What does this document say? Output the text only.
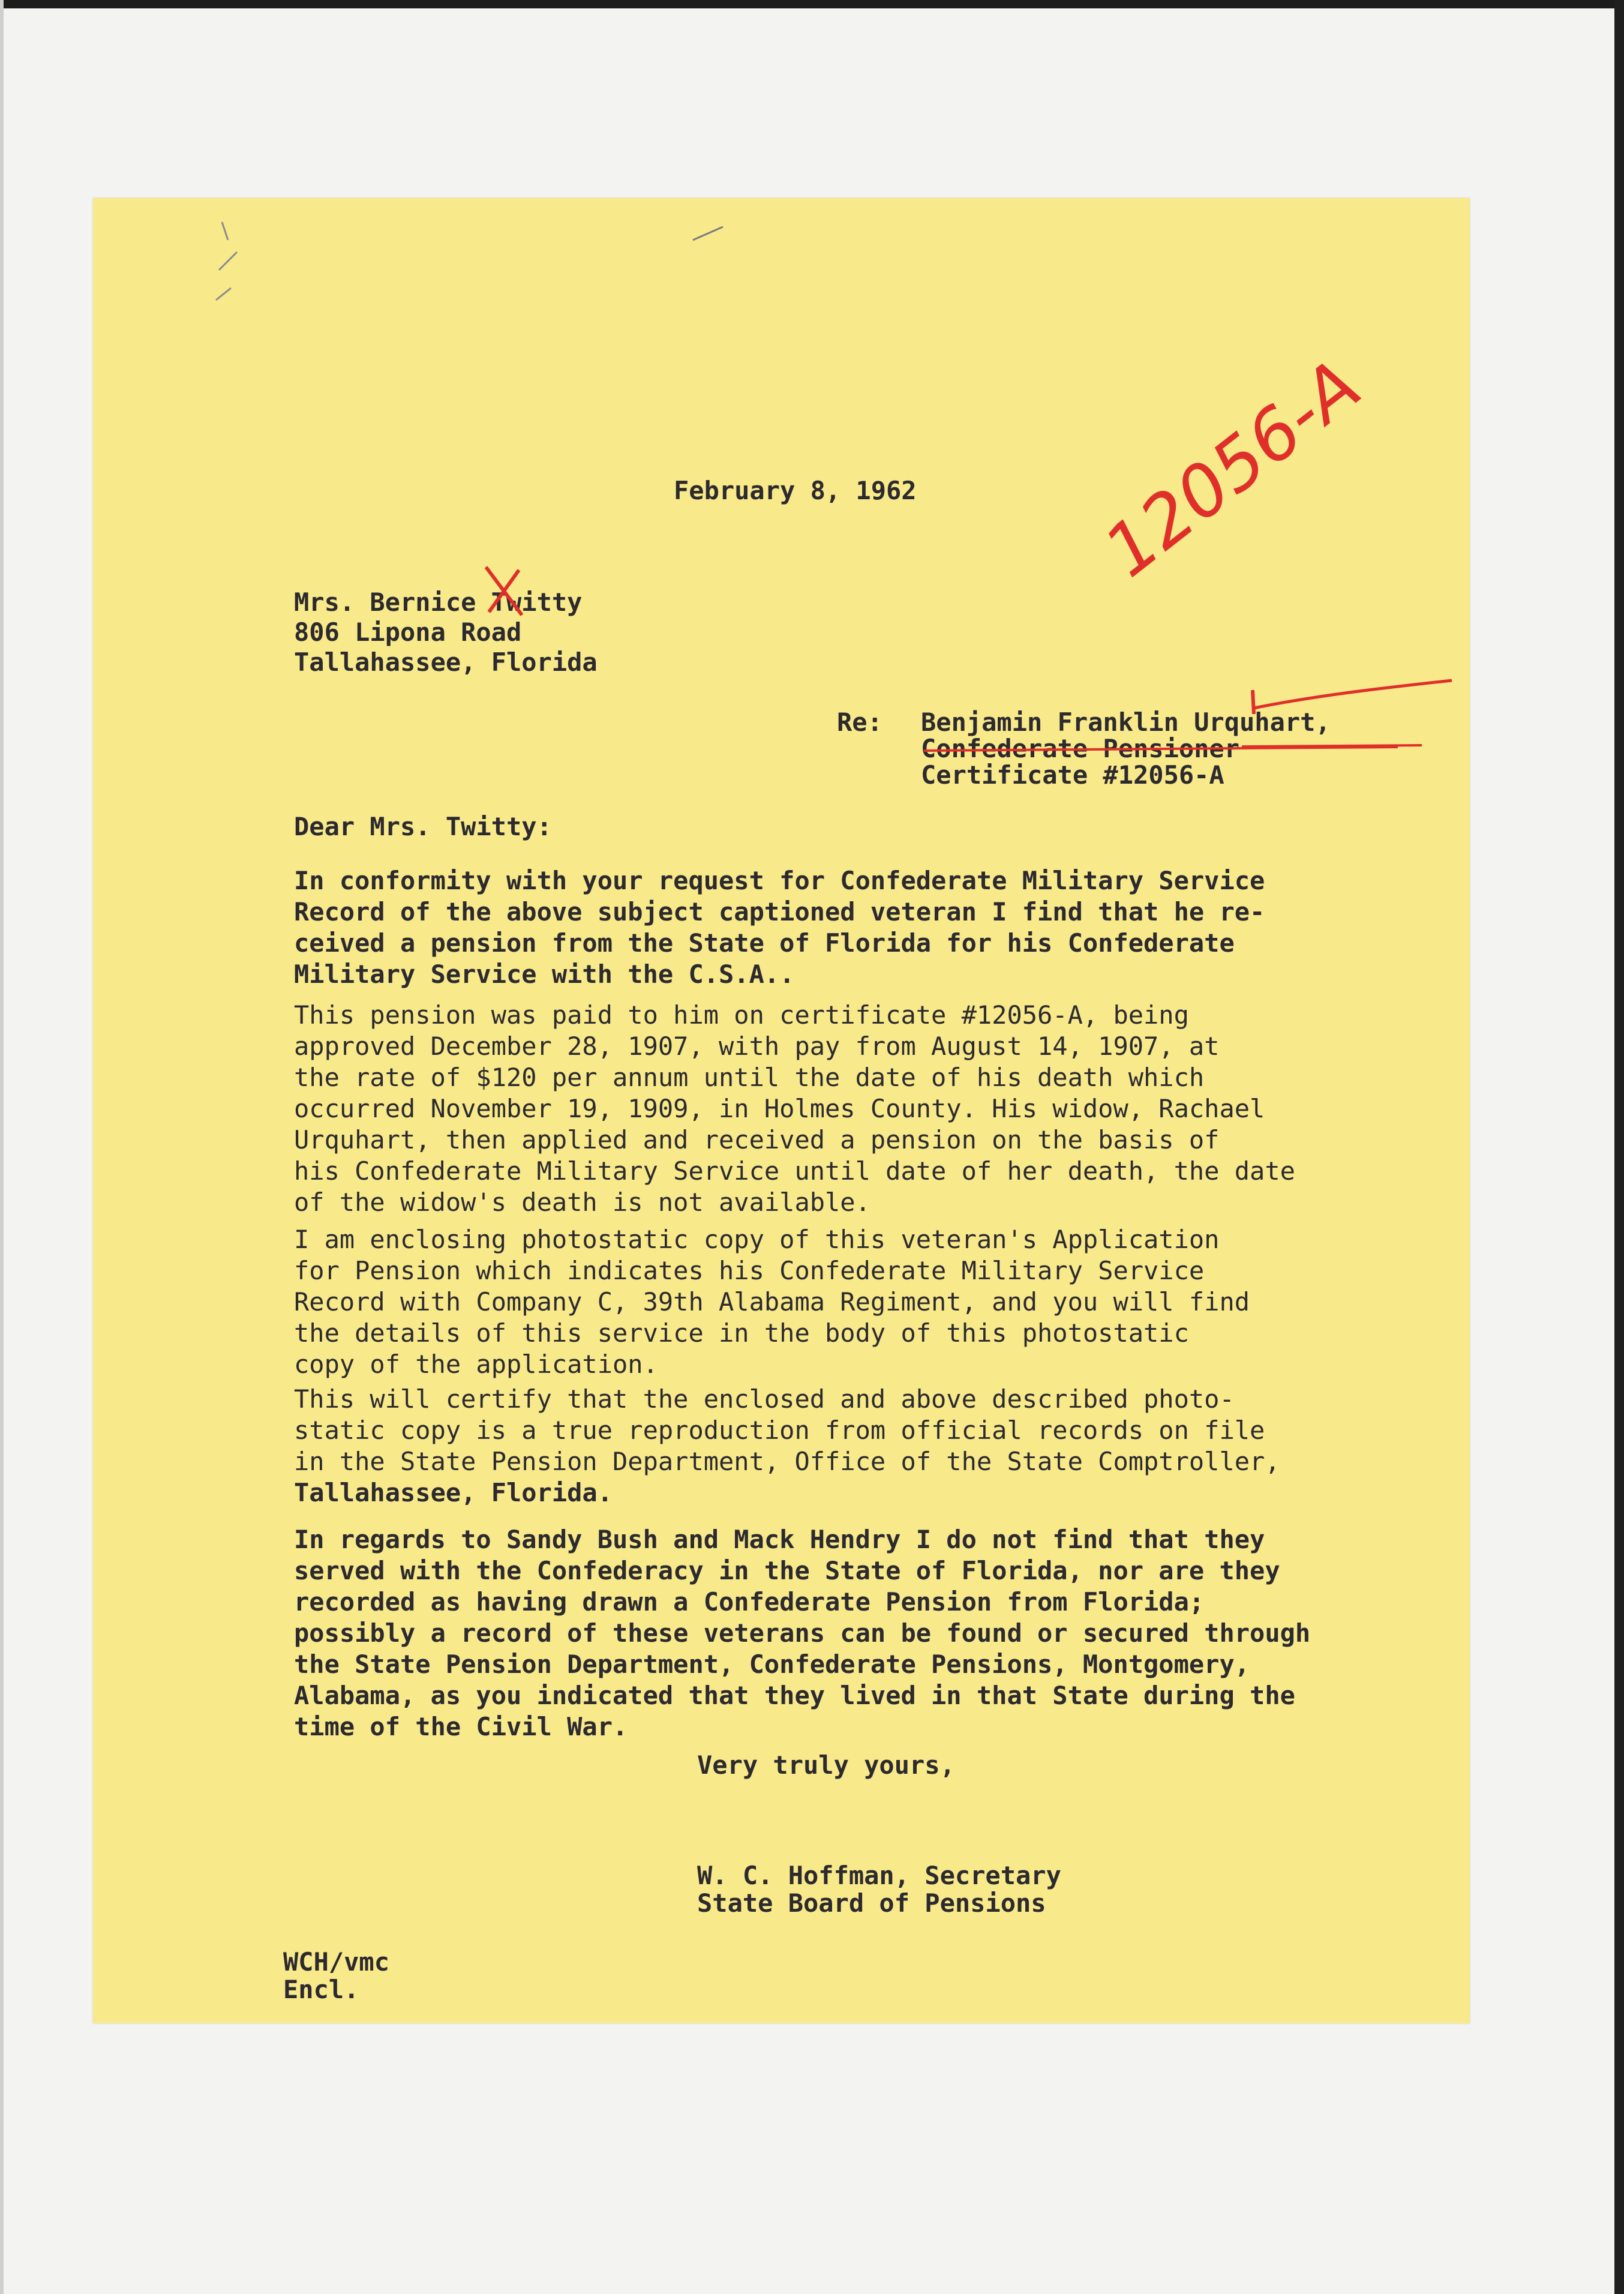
12056-A
February 8, 1962
Mrs. Bernice Twitty
806 Lipona Road
Tallahassee, Florida
Re: Benjamin Franklin Urquhart,
Confederate Pensioner
Certificate #12056-A
Dear Mrs. Twitty:
In conformity with your request for Confederate Military Service
Record of the above subject captioned veteran I find that he re-
ceived a pension from the State of Florida for his Confederate
Military Service with the C.S.A..
This pension was paid to him on certificate #12056-A, being
approved December 28, 1907, with pay from August 14, 1907, at
the rate of $120 per annum until the date of his death which
occurred November 19, 1909, in Holmes County. His widow, Rachael
Urquhart, then applied and received a pension on the basis of
his Confederate Military Service until date of her death, the date
of the widow's death is not available.
I am enclosing photostatic copy of this veteran's Application
for Pension which indicates his Confederate Military Service
Record with Company C, 39th Alabama Regiment, and you will find
the details of this service in the body of this photostatic
copy of the application.
This will certify that the enclosed and above described photo-
static copy is a true reproduction from official records on file
in the State Pension Department, Office of the State Comptroller,
Tallahassee, Florida.
In regards to Sandy Bush and Mack Hendry I do not find that they
served with the Confederacy in the State of Florida, nor are they
recorded as having drawn a Confederate Pension from Florida;
possibly a record of these veterans can be found or secured through
the State Pension Department, Confederate Pensions, Montgomery,
Alabama, as you indicated that they lived in that State during the
time of the Civil War.
Very truly yours,
W. C. Hoffman, Secretary
State Board of Pensions
WCH/vmc
Encl.
